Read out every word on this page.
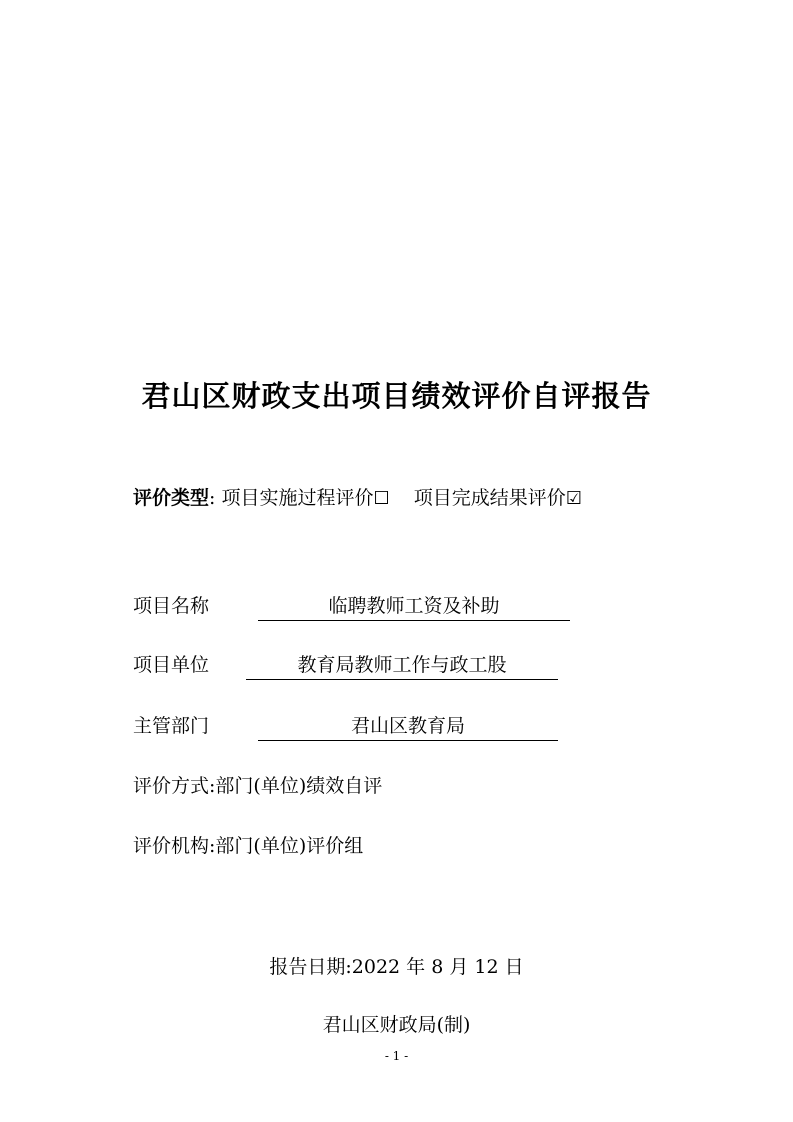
君山区财政支出项目绩效评价自评报告
评价类型: 项目实施过程评价☐ 项目完成结果评价☑
项目名称	临聘教师工资及补助
项目单位	教育局教师工作与政工股
主管部门	君山区教育局
评价方式:部门(单位)绩效自评
评价机构:部门(单位)评价组
报告日期:2022 年 8 月 12 日
君山区财政局(制)
- 1 -
